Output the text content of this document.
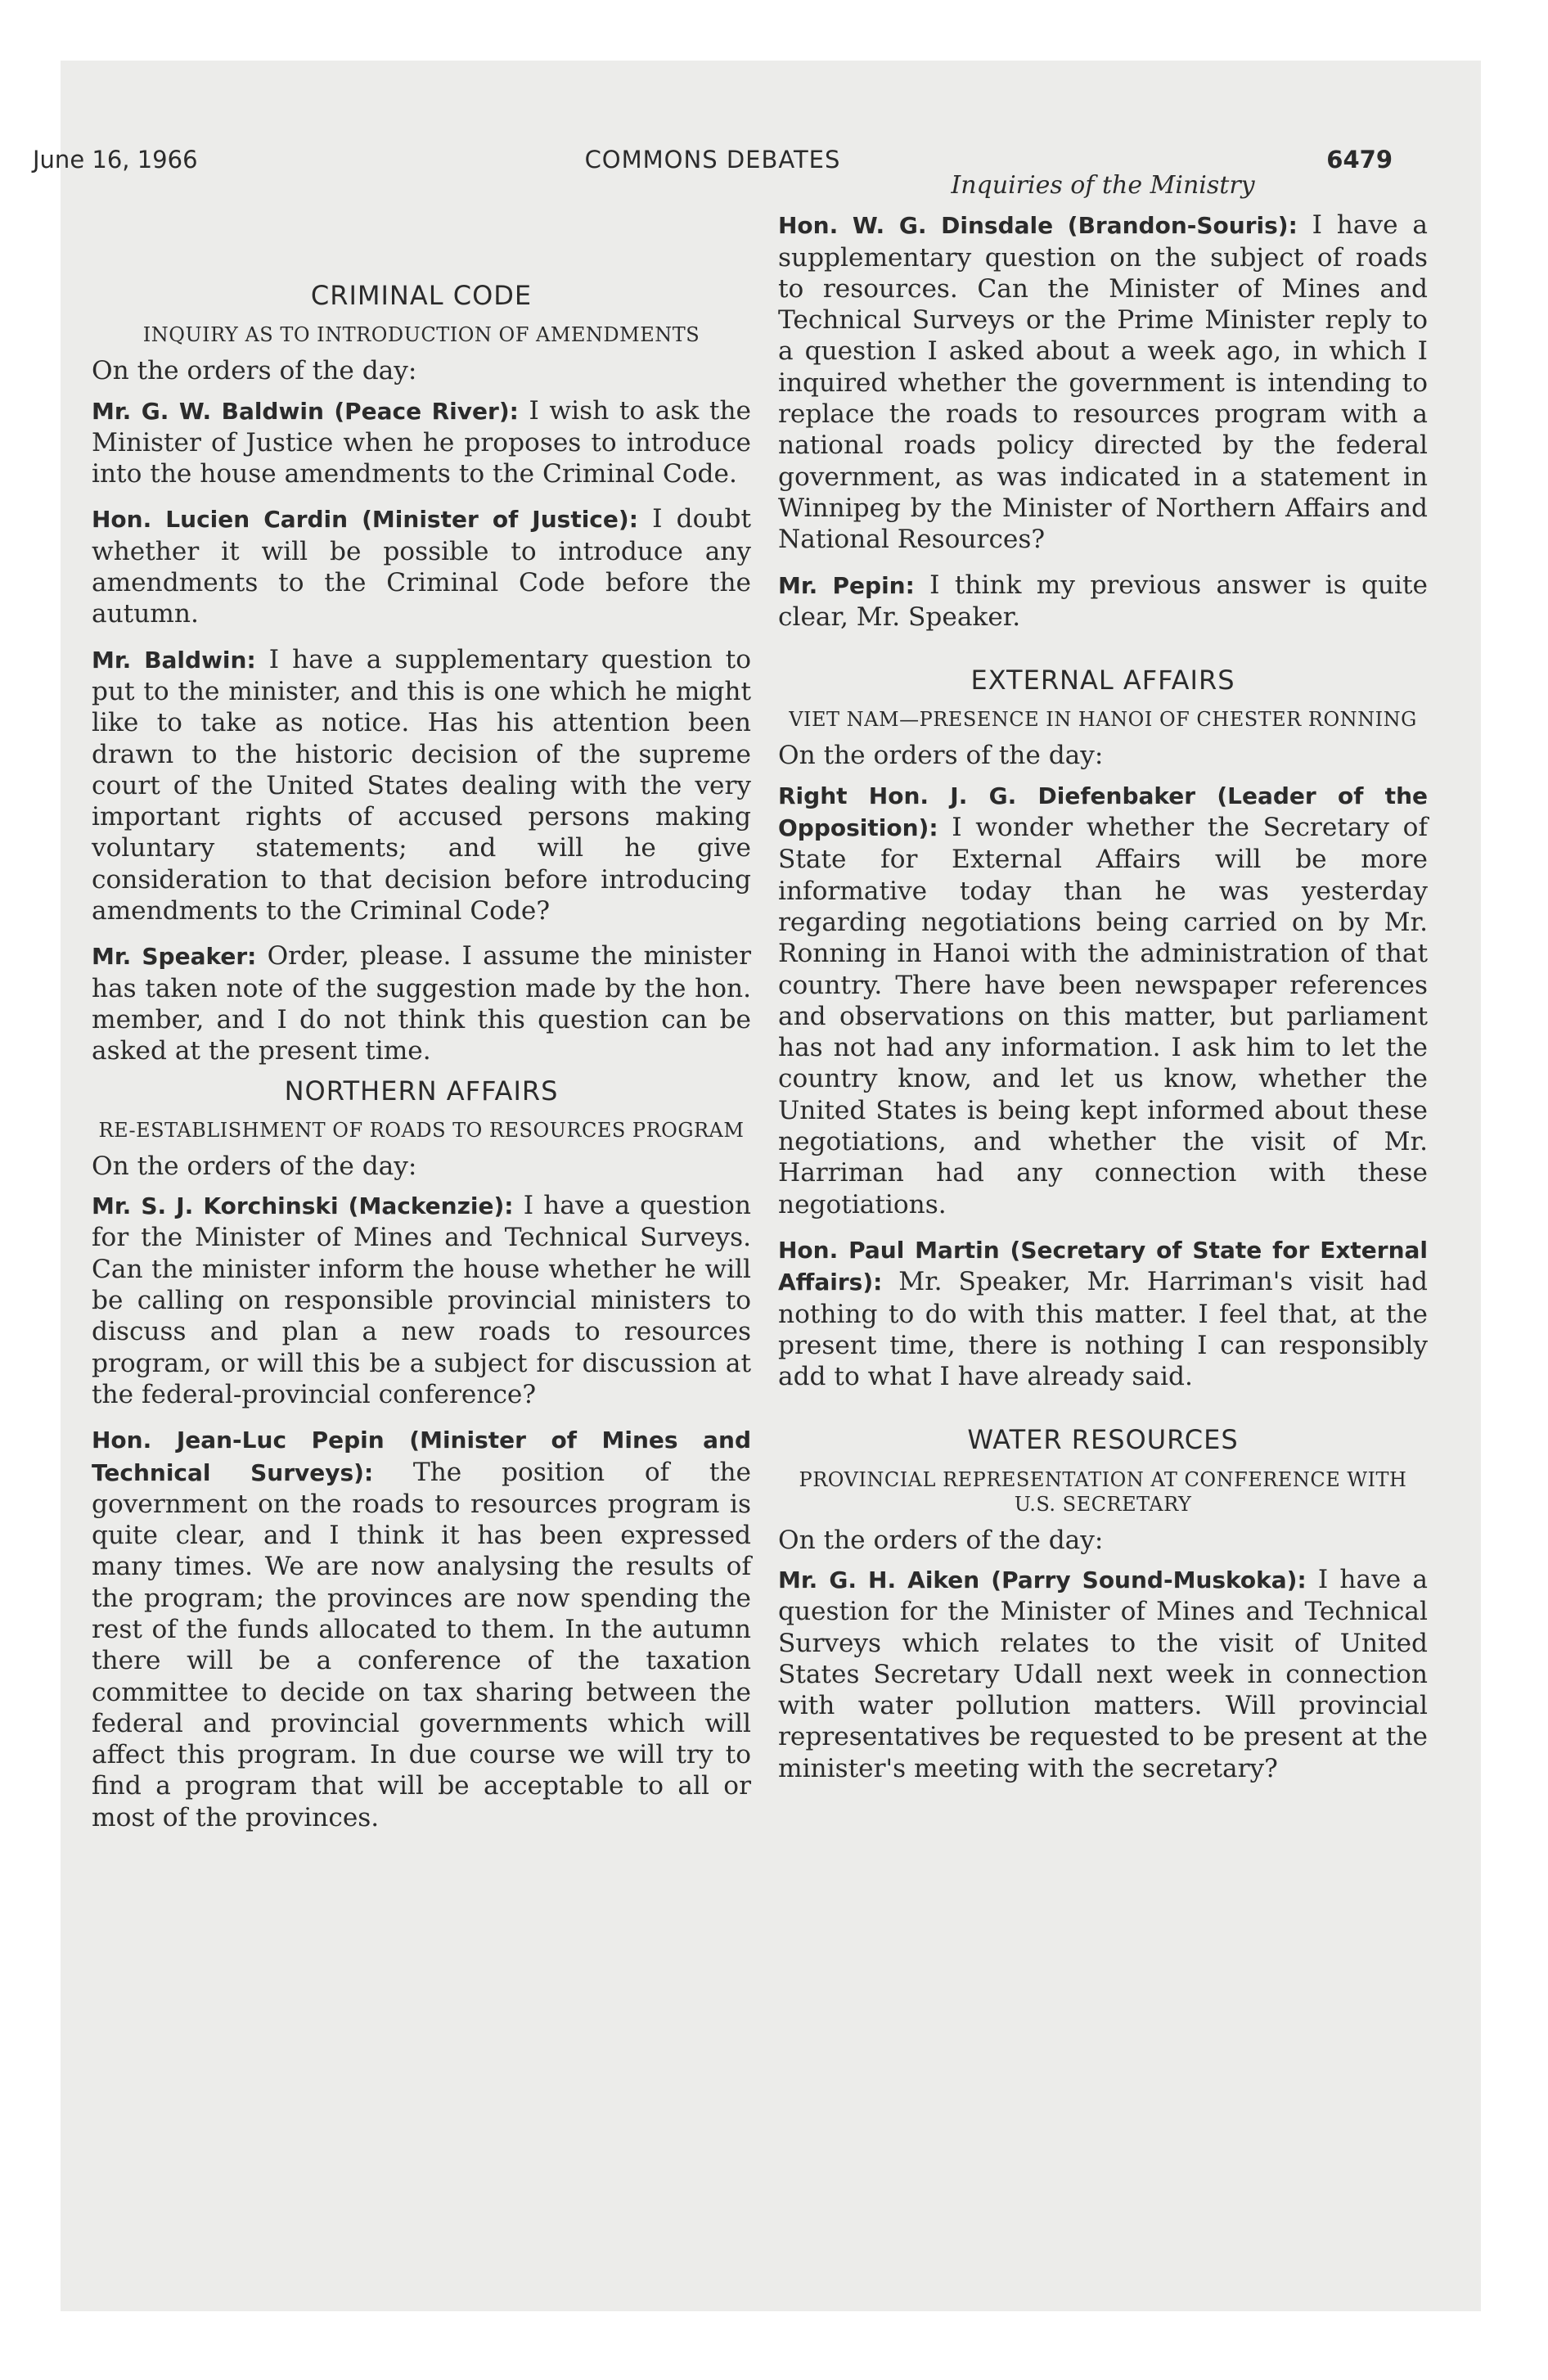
June 16, 1966	COMMONS DEBATES	6479
CRIMINAL CODE
INQUIRY AS TO INTRODUCTION OF AMENDMENTS
On the orders of the day:

Mr. G. W. Baldwin (Peace River): I wish to ask the Minister of Justice when he proposes to introduce into the house amendments to the Criminal Code.

Hon. Lucien Cardin (Minister of Justice): I doubt whether it will be possible to introduce any amendments to the Criminal Code before the autumn.

Mr. Baldwin: I have a supplementary question to put to the minister, and this is one which he might like to take as notice. Has his attention been drawn to the historic decision of the supreme court of the United States dealing with the very important rights of accused persons making voluntary statements; and will he give consideration to that decision before introducing amendments to the Criminal Code?

Mr. Speaker: Order, please. I assume the minister has taken note of the suggestion made by the hon. member, and I do not think this question can be asked at the present time.

NORTHERN AFFAIRS
RE-ESTABLISHMENT OF ROADS TO RESOURCES PROGRAM
On the orders of the day:

Mr. S. J. Korchinski (Mackenzie): I have a question for the Minister of Mines and Technical Surveys. Can the minister inform the house whether he will be calling on responsible provincial ministers to discuss and plan a new roads to resources program, or will this be a subject for discussion at the federal-provincial conference?

Hon. Jean-Luc Pepin (Minister of Mines and Technical Surveys): The position of the government on the roads to resources program is quite clear, and I think it has been expressed many times. We are now analysing the results of the program; the provinces are now spending the rest of the funds allocated to them. In the autumn there will be a conference of the taxation committee to decide on tax sharing between the federal and provincial governments which will affect this program. In due course we will try to find a program that will be acceptable to all or most of the provinces.

Inquiries of the Ministry

Hon. W. G. Dinsdale (Brandon-Souris): I have a supplementary question on the subject of roads to resources. Can the Minister of Mines and Technical Surveys or the Prime Minister reply to a question I asked about a week ago, in which I inquired whether the government is intending to replace the roads to resources program with a national roads policy directed by the federal government, as was indicated in a statement in Winnipeg by the Minister of Northern Affairs and National Resources?

Mr. Pepin: I think my previous answer is quite clear, Mr. Speaker.

EXTERNAL AFFAIRS
VIET NAM—PRESENCE IN HANOI OF CHESTER RONNING
On the orders of the day:

Right Hon. J. G. Diefenbaker (Leader of the Opposition): I wonder whether the Secretary of State for External Affairs will be more informative today than he was yesterday regarding negotiations being carried on by Mr. Ronning in Hanoi with the administration of that country. There have been newspaper references and observations on this matter, but parliament has not had any information. I ask him to let the country know, and let us know, whether the United States is being kept informed about these negotiations, and whether the visit of Mr. Harriman had any connection with these negotiations.

Hon. Paul Martin (Secretary of State for External Affairs): Mr. Speaker, Mr. Harriman's visit had nothing to do with this matter. I feel that, at the present time, there is nothing I can responsibly add to what I have already said.

WATER RESOURCES
PROVINCIAL REPRESENTATION AT CONFERENCE WITH U.S. SECRETARY
On the orders of the day:

Mr. G. H. Aiken (Parry Sound-Muskoka): I have a question for the Minister of Mines and Technical Surveys which relates to the visit of United States Secretary Udall next week in connection with water pollution matters. Will provincial representatives be requested to be present at the minister's meeting with the secretary?
